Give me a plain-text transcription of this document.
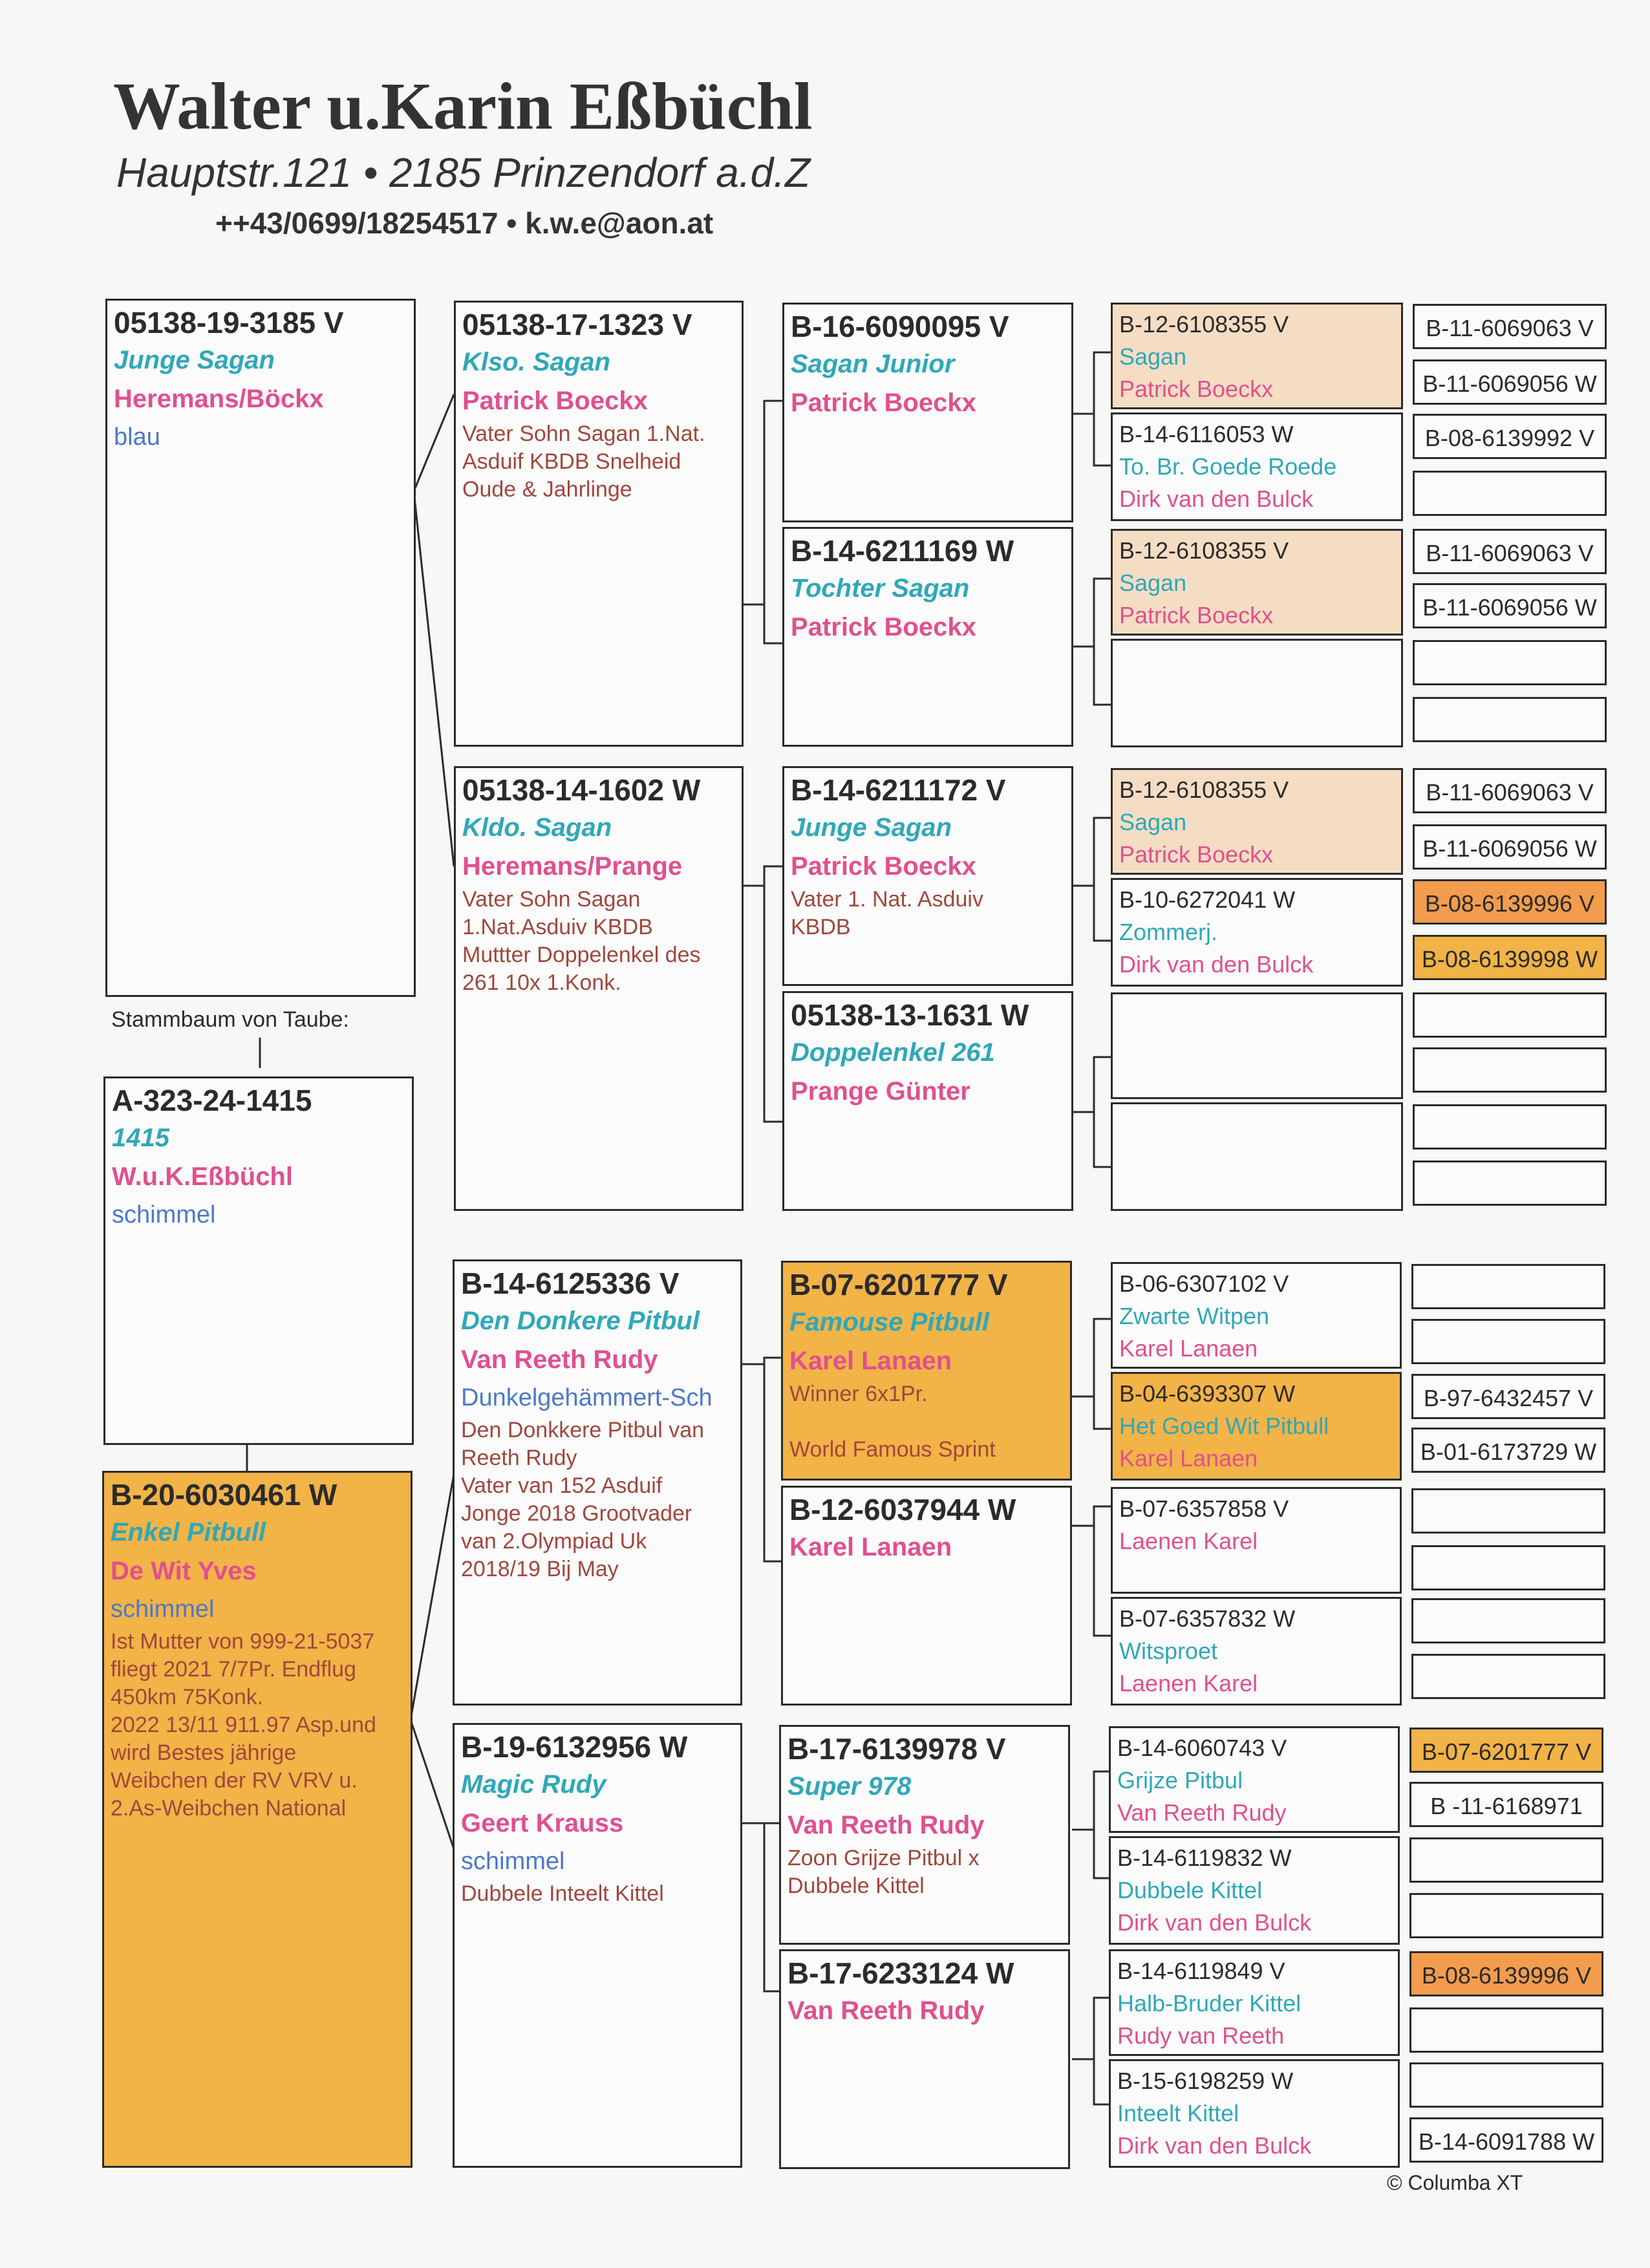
Walter u.Karin Eßbüchl
Hauptstr.121 • 2185 Prinzendorf a.d.Z
++43/0699/18254517 • k.w.e@aon.at
Stammbaum von Taube:
© Columba XT
05138-19-3185 V
Junge Sagan
Heremans/Böckx
blau
A-323-24-1415
1415
W.u.K.Eßbüchl
schimmel
B-20-6030461 W
Enkel Pitbull
De Wit Yves
schimmel
Ist Mutter von 999-21-5037
fliegt 2021 7/7Pr. Endflug
450km 75Konk.
2022 13/11 911.97 Asp.und
wird Bestes jährige
Weibchen der RV VRV u.
2.As-Weibchen National
05138-17-1323 V
Klso. Sagan
Patrick Boeckx
Vater Sohn Sagan 1.Nat.
Asduif KBDB Snelheid
Oude & Jahrlinge
05138-14-1602 W
Kldo. Sagan
Heremans/Prange
Vater Sohn Sagan
1.Nat.Asduiv KBDB
Muttter Doppelenkel des
261 10x 1.Konk.
B-14-6125336 V
Den Donkere Pitbul
Van Reeth Rudy
Dunkelgehämmert-Sch
Den Donkkere Pitbul van
Reeth Rudy
Vater van 152 Asduif
Jonge 2018 Grootvader
van 2.Olympiad Uk
2018/19 Bij May
B-19-6132956 W
Magic Rudy
Geert Krauss
schimmel
Dubbele Inteelt Kittel
B-16-6090095 V
Sagan Junior
Patrick Boeckx
B-14-6211169 W
Tochter Sagan
Patrick Boeckx
B-14-6211172 V
Junge Sagan
Patrick Boeckx
Vater 1. Nat. Asduiv
KBDB
05138-13-1631 W
Doppelenkel 261
Prange Günter
B-07-6201777 V
Famouse Pitbull
Karel Lanaen
Winner 6x1Pr.

World Famous Sprint
B-12-6037944 W
Karel Lanaen
B-17-6139978 V
Super 978
Van Reeth Rudy
Zoon Grijze Pitbul x
Dubbele Kittel
B-17-6233124 W
Van Reeth Rudy
B-12-6108355 V
Sagan
Patrick Boeckx
B-14-6116053 W
To. Br. Goede Roede
Dirk van den Bulck
B-12-6108355 V
Sagan
Patrick Boeckx
B-12-6108355 V
Sagan
Patrick Boeckx
B-10-6272041 W
Zommerj.
Dirk van den Bulck
B-06-6307102 V
Zwarte Witpen
Karel Lanaen
B-04-6393307 W
Het Goed Wit Pitbull
Karel Lanaen
B-07-6357858 V
Laenen Karel
B-07-6357832 W
Witsproet
Laenen Karel
B-14-6060743 V
Grijze Pitbul
Van Reeth Rudy
B-14-6119832 W
Dubbele Kittel
Dirk van den Bulck
B-14-6119849 V
Halb-Bruder Kittel
Rudy van Reeth
B-15-6198259 W
Inteelt Kittel
Dirk van den Bulck
B-11-6069063 V
B-11-6069056 W
B-08-6139992 V
B-11-6069063 V
B-11-6069056 W
B-11-6069063 V
B-11-6069056 W
B-08-6139996 V
B-08-6139998 W
B-97-6432457 V
B-01-6173729 W
B-07-6201777 V
B -11-6168971
B-08-6139996 V
B-14-6091788 W
